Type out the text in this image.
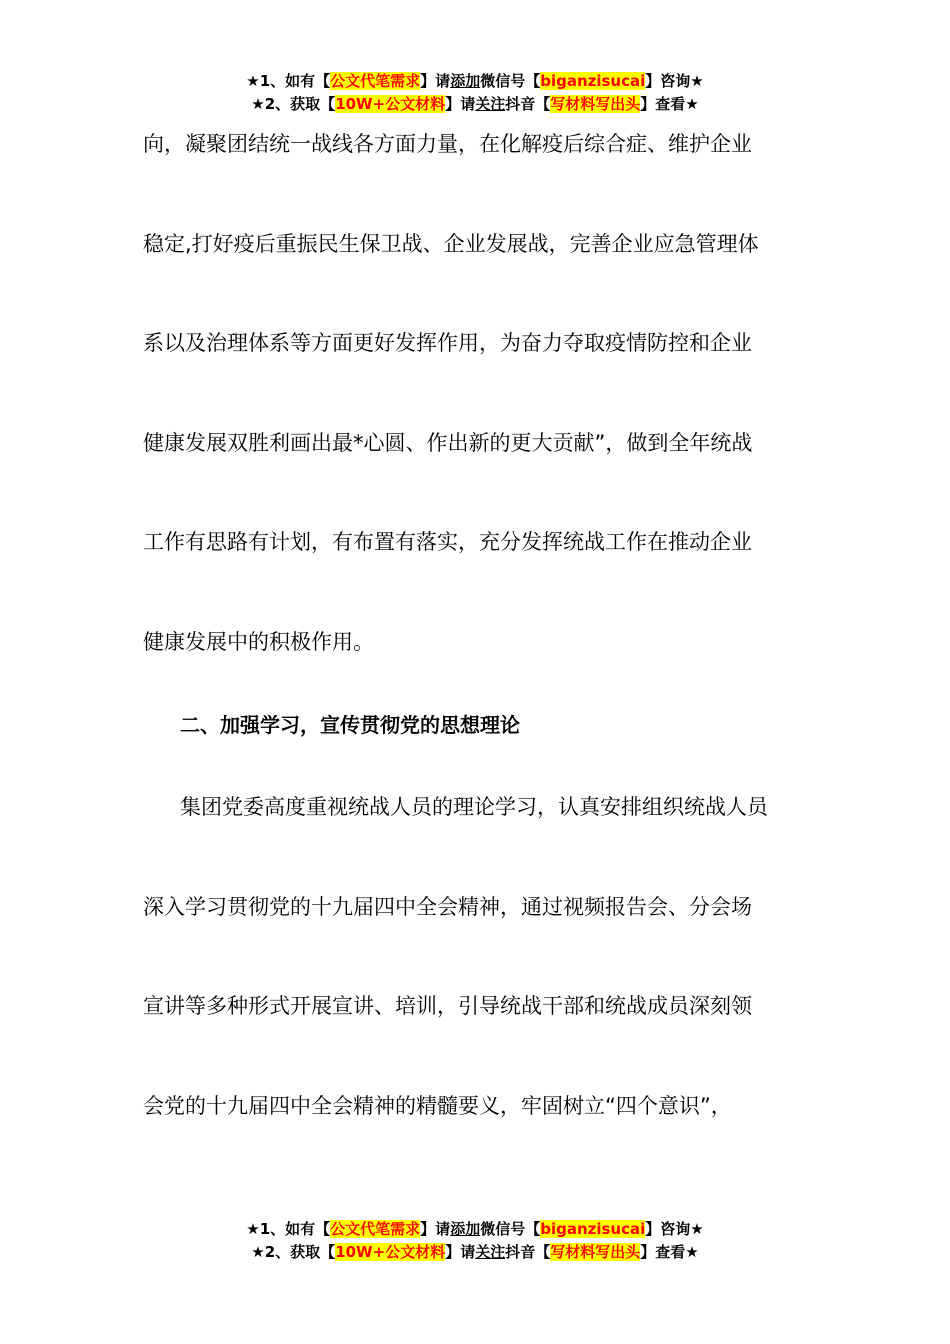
★1、如有【公文代笔需求】请添加微信号【biganzisucai】咨询★
★2、获取【10W+公文材料】请关注抖音【写材料写出头】查看★
向，凝聚团结统一战线各方面力量，在化解疫后综合症、维护企业
稳定,打好疫后重振民生保卫战、企业发展战，完善企业应急管理体
系以及治理体系等方面更好发挥作用，为奋力夺取疫情防控和企业
健康发展双胜利画出最*心圆、作出新的更大贡献”，做到全年统战
工作有思路有计划，有布置有落实，充分发挥统战工作在推动企业
健康发展中的积极作用。
二、加强学习，宣传贯彻党的思想理论
集团党委高度重视统战人员的理论学习，认真安排组织统战人员
深入学习贯彻党的十九届四中全会精神，通过视频报告会、分会场
宣讲等多种形式开展宣讲、培训，引导统战干部和统战成员深刻领
会党的十九届四中全会精神的精髓要义，牢固树立“四个意识”，
★1、如有【公文代笔需求】请添加微信号【biganzisucai】咨询★
★2、获取【10W+公文材料】请关注抖音【写材料写出头】查看★
